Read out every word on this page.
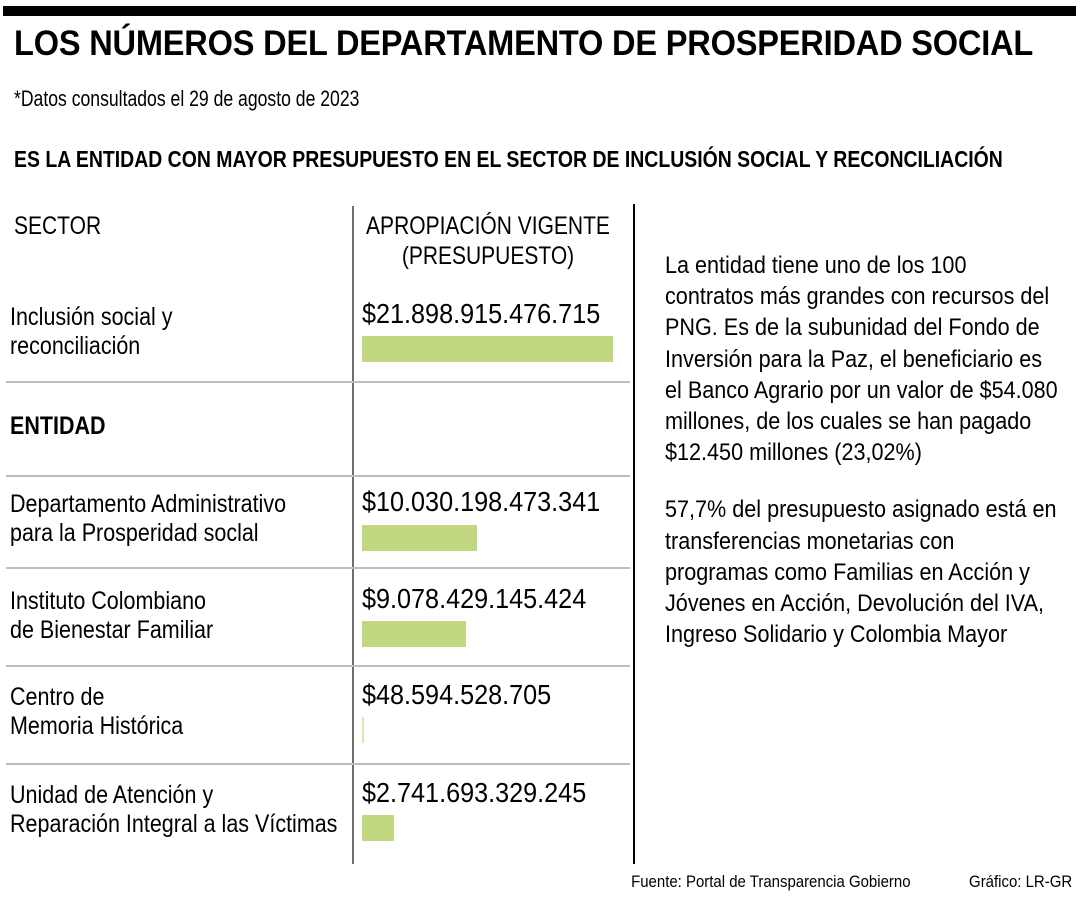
LOS NÚMEROS DEL DEPARTAMENTO DE PROSPERIDAD SOCIAL
*Datos consultados el 29 de agosto de 2023
ES LA ENTIDAD CON MAYOR PRESUPUESTO EN EL SECTOR DE INCLUSIÓN SOCIAL Y RECONCILIACIÓN
SECTOR	APROPIACIÓN VIGENTE
(PRESUPUESTO)
Inclusión social y
reconciliación
$21.898.915.476.715
ENTIDAD
Departamento Administrativo
para la Prosperidad soclal
$10.030.198.473.341
Instituto Colombiano
de Bienestar Familiar
$9.078.429.145.424
Centro de
Memoria Histórica
$48.594.528.705
Unidad de Atención y
Reparación Integral a las Víctimas
$2.741.693.329.245

La entidad tiene uno de los 100 contratos más grandes con recursos del PNG. Es de la subunidad del Fondo de Inversión para la Paz, el beneficiario es el Banco Agrario por un valor de $54.080 millones, de los cuales se han pagado $12.450 millones (23,02%)

57,7% del presupuesto asignado está en transferencias monetarias con programas como Familias en Acción y Jóvenes en Acción, Devolución del IVA, Ingreso Solidario y Colombia Mayor

Fuente: Portal de Transparencia Gobierno	Gráfico: LR-GR
